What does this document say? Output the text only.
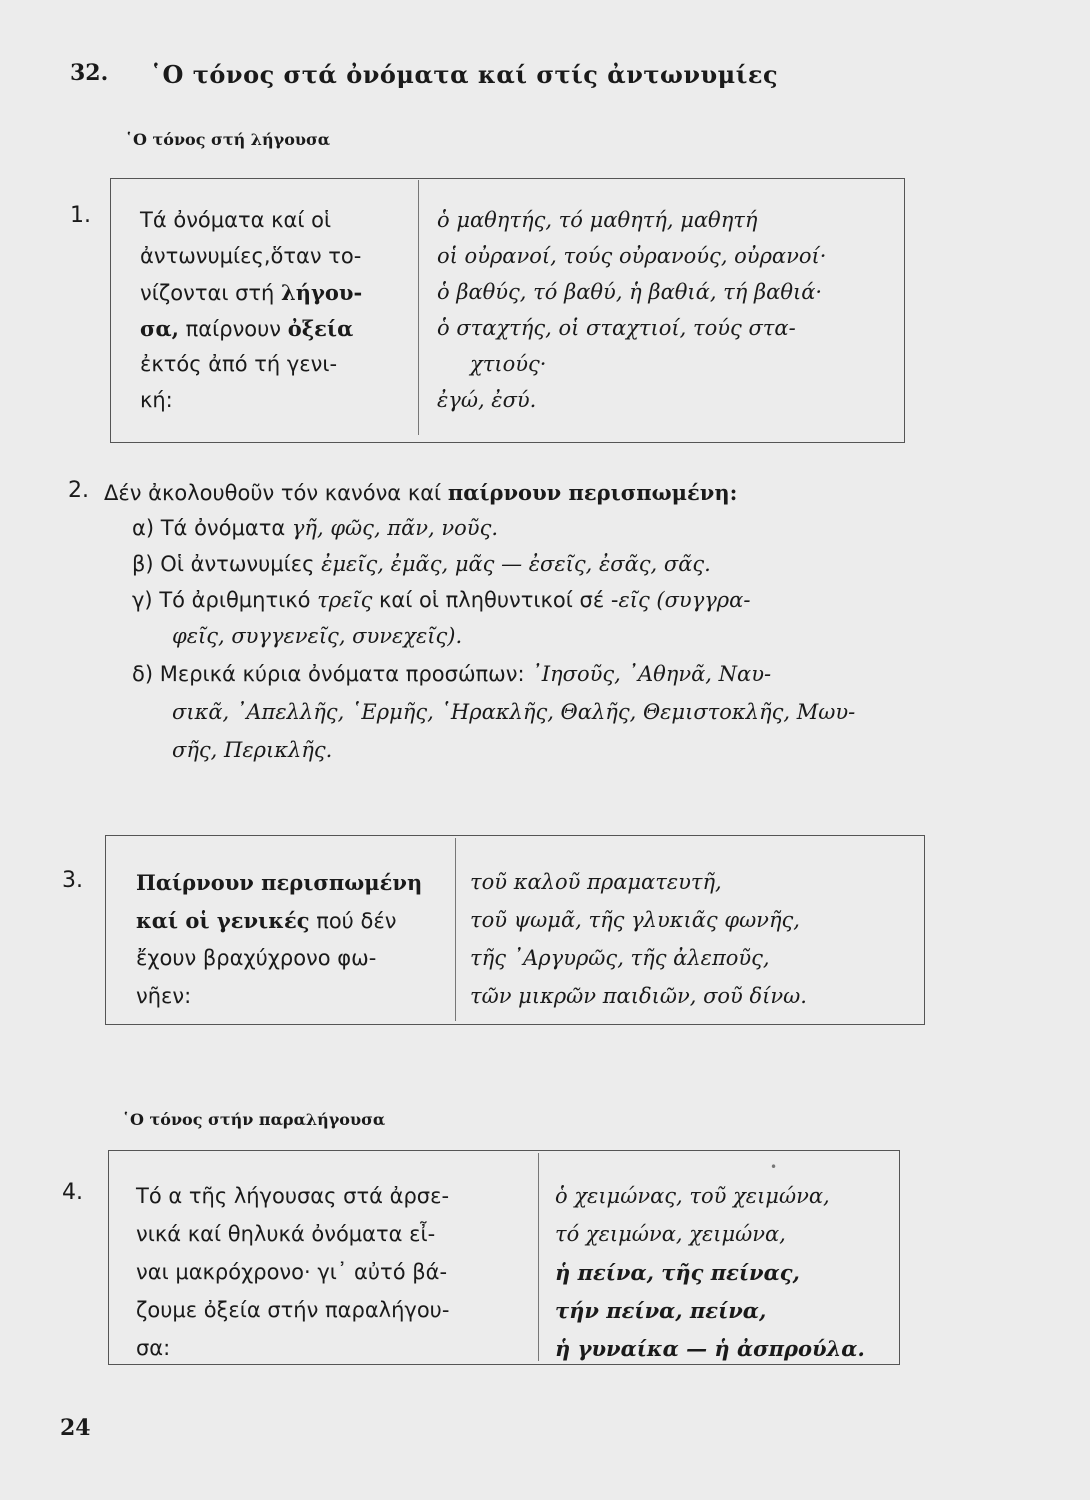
32. ῾Ο τόνος στά ὀνόματα καί στίς ἀντωνυμίες
῾Ο τόνος στή λήγουσα
1. Τά ὀνόματα καί οἱ
ἀντωνυμίες,ὅταν το-
νίζονται στή λήγου-
σα, παίρνουν ὀξεία
ἐκτός ἀπό τή γενι-
κή:
ὁ μαθητής, τό μαθητή, μαθητή
οἱ οὐρανοί, τούς οὐρανούς, οὐρανοί·
ὁ βαθύς, τό βαθύ, ἡ βαθιά, τή βαθιά·
ὁ σταχτής, οἱ σταχτιοί, τούς στα-
χτιούς·
ἐγώ, ἐσύ.
2. Δέν ἀκολουθοῦν τόν κανόνα καί παίρνουν περισπωμένη:
α) Τά ὀνόματα γῆ, φῶς, πᾶν, νοῦς.
β) Οἱ ἀντωνυμίες ἐμεῖς, ἐμᾶς, μᾶς — ἐσεῖς, ἐσᾶς, σᾶς.
γ) Τό ἀριθμητικό τρεῖς καί οἱ πληθυντικοί σέ -εῖς (συγγρα-
φεῖς, συγγενεῖς, συνεχεῖς).
δ) Μερικά κύρια ὀνόματα προσώπων: ᾿Ιησοῦς, ᾿Αθηνᾶ, Ναυ-
σικᾶ, ᾿Απελλῆς, ῾Ερμῆς, ῾Ηρακλῆς, Θαλῆς, Θεμιστοκλῆς, Μωυ-
σῆς, Περικλῆς.
3.	Παίρνουν περισπωμένη
καί οἱ γενικές πού δέν
ἔχουν βραχύχρονο φω-
νῆεν:
τοῦ καλοῦ πραματευτῆ,
τοῦ ψωμᾶ, τῆς γλυκιᾶς φωνῆς,
τῆς ᾿Αργυρῶς, τῆς ἀλεποῦς,
τῶν μικρῶν παιδιῶν, σοῦ δίνω.
῾Ο τόνος στήν παραλήγουσα
•
4.	Τό α τῆς λήγουσας στά ἀρσε-
νικά καί θηλυκά ὀνόματα εἶ-
ναι μακρόχρονο· γι᾿ αὐτό βά-
ζουμε ὀξεία στήν παραλήγου-
σα:
ὁ χειμώνας, τοῦ χειμώνα,
τό χειμώνα, χειμώνα,
ἡ πείνα, τῆς πείνας,
τήν πείνα, πείνα,
ἡ γυναίκα — ἡ ἀσπρούλα.
24
